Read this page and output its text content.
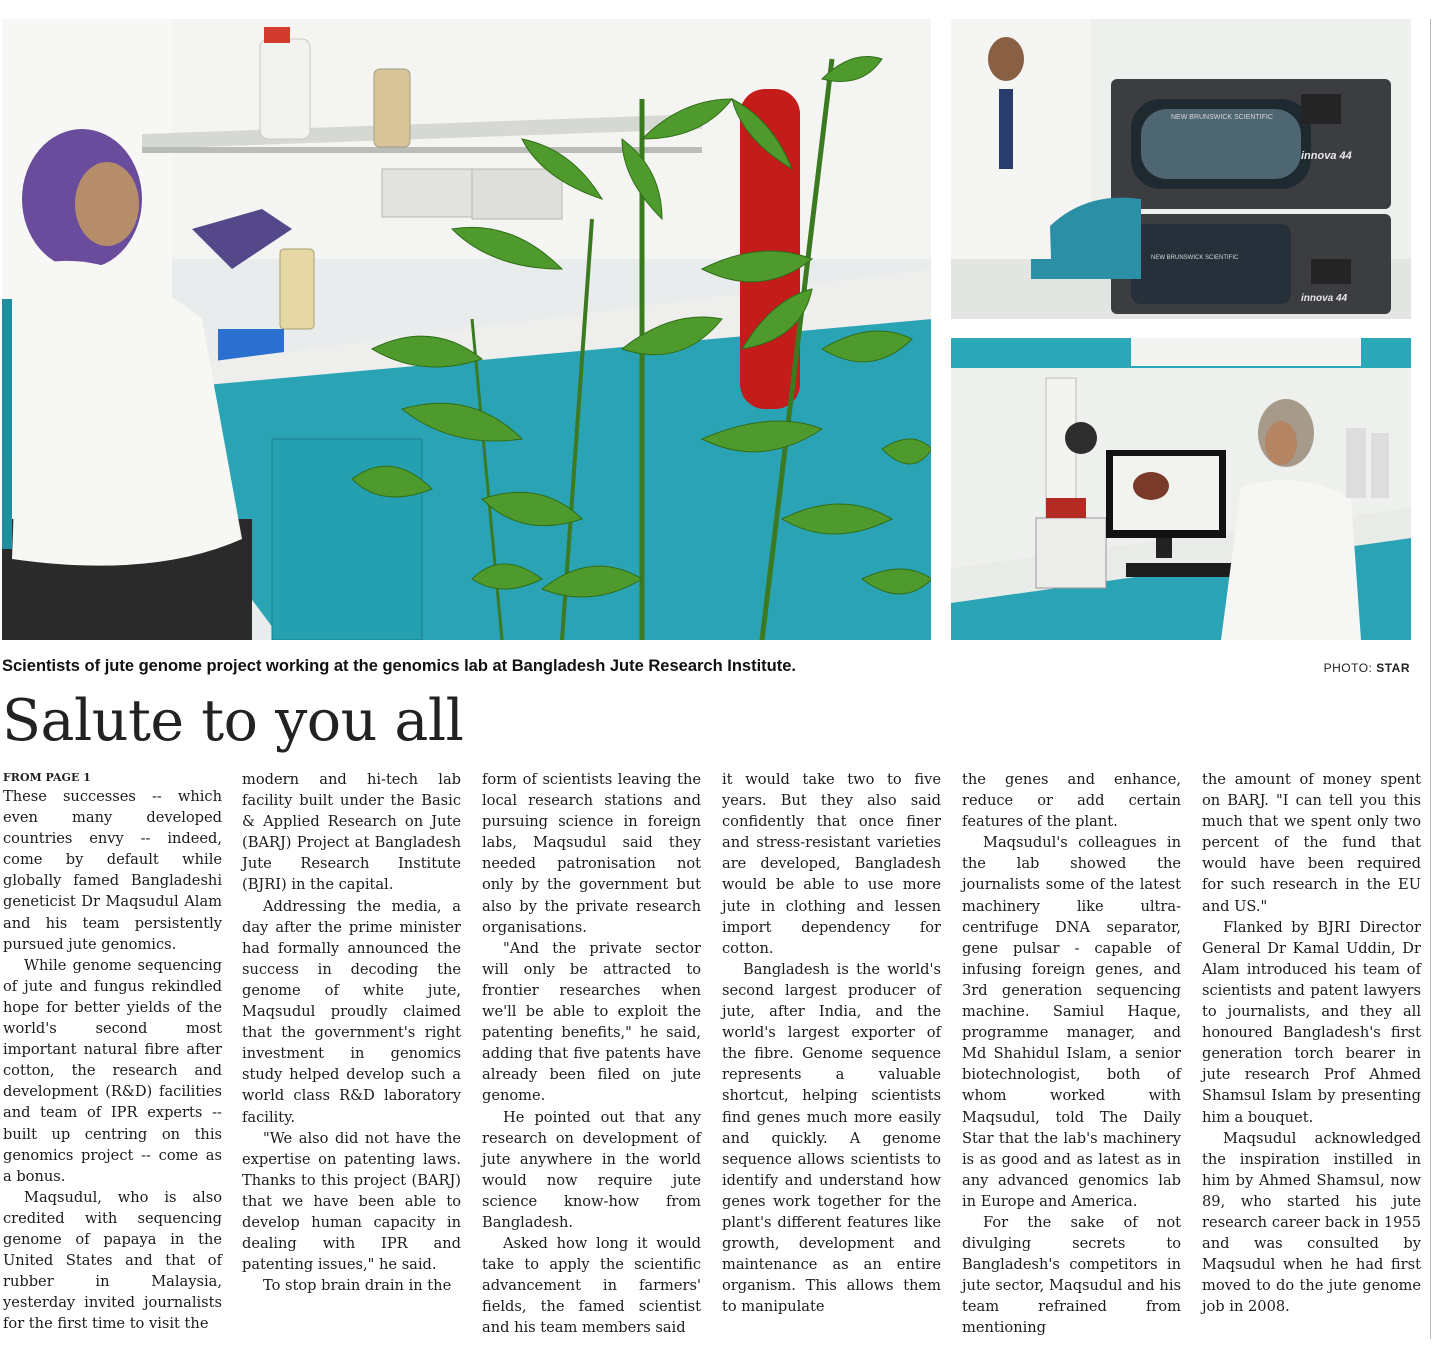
NEW BRUNSWICK SCIENTIFIC
innova 44
NEW BRUNSWICK SCIENTIFIC
innova 44
Scientists of jute genome project working at the genomics lab at Bangladesh Jute Research Institute.	PHOTO: STAR
Salute to you all
FROM PAGE 1

These successes -- which even many developed countries envy -- indeed, come by default while globally famed Bangladeshi geneticist Dr Maqsudul Alam and his team persistently pursued jute genomics.

While genome sequencing of jute and fungus rekindled hope for better yields of the world's second most important natural fibre after cotton, the research and development (R&D) facilities and team of IPR experts -- built up centring on this genomics project -- come as a bonus.

Maqsudul, who is also credited with sequencing genome of papaya in the United States and that of rubber in Malaysia, yesterday invited journalists for the first time to visit the

modern and hi-tech lab facility built under the Basic & Applied Research on Jute (BARJ) Project at Bangladesh Jute Research Institute (BJRI) in the capital.

Addressing the media, a day after the prime minister had formally announced the success in decoding the genome of white jute, Maqsudul proudly claimed that the government's right investment in genomics study helped develop such a world class R&D laboratory facility.

"We also did not have the expertise on patenting laws. Thanks to this project (BARJ) that we have been able to develop human capacity in dealing with IPR and patenting issues," he said.

To stop brain drain in the

form of scientists leaving the local research stations and pursuing science in foreign labs, Maqsudul said they needed patronisation not only by the government but also by the private research organisations.

"And the private sector will only be attracted to frontier researches when we'll be able to exploit the patenting benefits," he said, adding that five patents have already been filed on jute genome.

He pointed out that any research on development of jute anywhere in the world would now require jute science know-how from Bangladesh.

Asked how long it would take to apply the scientific advancement in farmers' fields, the famed scientist and his team members said

it would take two to five years. But they also said confidently that once finer and stress-resistant varieties are developed, Bangladesh would be able to use more jute in clothing and lessen import dependency for cotton.

Bangladesh is the world's second largest producer of jute, after India, and the world's largest exporter of the fibre. Genome sequence represents a valuable shortcut, helping scientists find genes much more easily and quickly. A genome sequence allows scientists to identify and understand how genes work together for the plant's different features like growth, development and maintenance as an entire organism. This allows them to manipulate

the genes and enhance, reduce or add certain features of the plant.

Maqsudul's colleagues in the lab showed the journalists some of the latest machinery like ultra-centrifuge DNA separator, gene pulsar - capable of infusing foreign genes, and 3rd generation sequencing machine. Samiul Haque, programme manager, and Md Shahidul Islam, a senior biotechnologist, both of whom worked with Maqsudul, told The Daily Star that the lab's machinery is as good and as latest as in any advanced genomics lab in Europe and America.

For the sake of not divulging secrets to Bangladesh's competitors in jute sector, Maqsudul and his team refrained from mentioning

the amount of money spent on BARJ. "I can tell you this much that we spent only two percent of the fund that would have been required for such research in the EU and US."

Flanked by BJRI Director General Dr Kamal Uddin, Dr Alam introduced his team of scientists and patent lawyers to journalists, and they all honoured Bangladesh's first generation torch bearer in jute research Prof Ahmed Shamsul Islam by presenting him a bouquet.

Maqsudul acknowledged the inspiration instilled in him by Ahmed Shamsul, now 89, who started his jute research career back in 1955 and was consulted by Maqsudul when he had first moved to do the jute genome job in 2008.
